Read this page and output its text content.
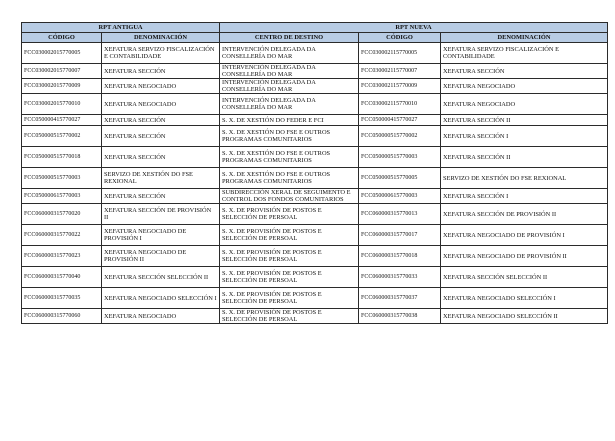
RPT ANTIGUA		RPT NUEVA		
CÓDIGO	DENOMINACIÓN	CENTRO DE DESTINO	CÓDIGO	DENOMINACIÓN
FCC030002015770005	XEFATURA SERVIZO FISCALIZACIÓN E CONTABILIDADE	INTERVENCIÓN DELEGADA DA CONSELLERÍA DO MAR	FCC030002115770005	XEFATURA SERVIZO FISCALIZACIÓN E CONTABILIDADE
FCC030002015770007	XEFATURA SECCIÓN	INTERVENCIÓN DELEGADA DA CONSELLERÍA DO MAR	FCC030002115770007	XEFATURA SECCIÓN
FCC030002015770009	XEFATURA NEGOCIADO	INTERVENCIÓN DELEGADA DA CONSELLERÍA DO MAR	FCC030002115770009	XEFATURA NEGOCIADO
FCC030002015770010	XEFATURA NEGOCIADO	INTERVENCIÓN DELEGADA DA CONSELLERÍA DO MAR	FCC030002115770010	XEFATURA NEGOCIADO
FCC050000415770027	XEFATURA SECCIÓN	S. X. DE XESTIÓN DO FEDER E FCI	FCC050000415770027	XEFATURA SECCIÓN II
FCC050000515770002	XEFATURA SECCIÓN	S. X. DE XESTIÓN DO FSE E OUTROS PROGRAMAS COMUNITARIOS	FCC050000515770002	XEFATURA SECCIÓN I
FCC050000515770018	XEFATURA SECCIÓN	S. X. DE XESTIÓN DO FSE E OUTROS PROGRAMAS COMUNITARIOS	FCC050000515770003	XEFATURA SECCIÓN II
FCC050000515770003	SERVIZO DE XESTIÓN DO FSE REXIONAL	S. X. DE XESTIÓN DO FSE E OUTROS PROGRAMAS COMUNITARIOS	FCC050000515770005	SERVIZO DE XESTIÓN DO FSE REXIONAL
FCC050000615770003	XEFATURA SECCIÓN	SUBDIRECCIÓN XERAL DE SEGUIMENTO E CONTROL DOS FONDOS COMUNITARIOS	FCC050000615770003	XEFATURA SECCIÓN I
FCC060000315770020	XEFATURA SECCIÓN DE PROVISIÓN II	S. X. DE PROVISIÓN DE POSTOS E SELECCIÓN DE PERSOAL	FCC060000315770013	XEFATURA SECCIÓN DE PROVISIÓN II
FCC060000315770022	XEFATURA NEGOCIADO DE PROVISIÓN I	S. X. DE PROVISIÓN DE POSTOS E SELECCIÓN DE PERSOAL	FCC060000315770017	XEFATURA NEGOCIADO DE PROVISIÓN I
FCC060000315770023	XEFATURA NEGOCIADO DE PROVISIÓN II	S. X. DE PROVISIÓN DE POSTOS E SELECCIÓN DE PERSOAL	FCC060000315770018	XEFATURA NEGOCIADO DE PROVISIÓN II
FCC060000315770040	XEFATURA SECCIÓN SELECCIÓN II	S. X. DE PROVISIÓN DE POSTOS E SELECCIÓN DE PERSOAL	FCC060000315770033	XEFATURA SECCIÓN SELECCIÓN II
FCC060000315770035	XEFATURA NEGOCIADO SELECCIÓN I	S. X. DE PROVISIÓN DE POSTOS E SELECCIÓN DE PERSOAL	FCC060000315770037	XEFATURA NEGOCIADO SELECCIÓN I
FCC060000315770060	XEFATURA NEGOCIADO	S. X. DE PROVISIÓN DE POSTOS E SELECCIÓN DE PERSOAL	FCC060000315770038	XEFATURA NEGOCIADO SELECCIÓN II
